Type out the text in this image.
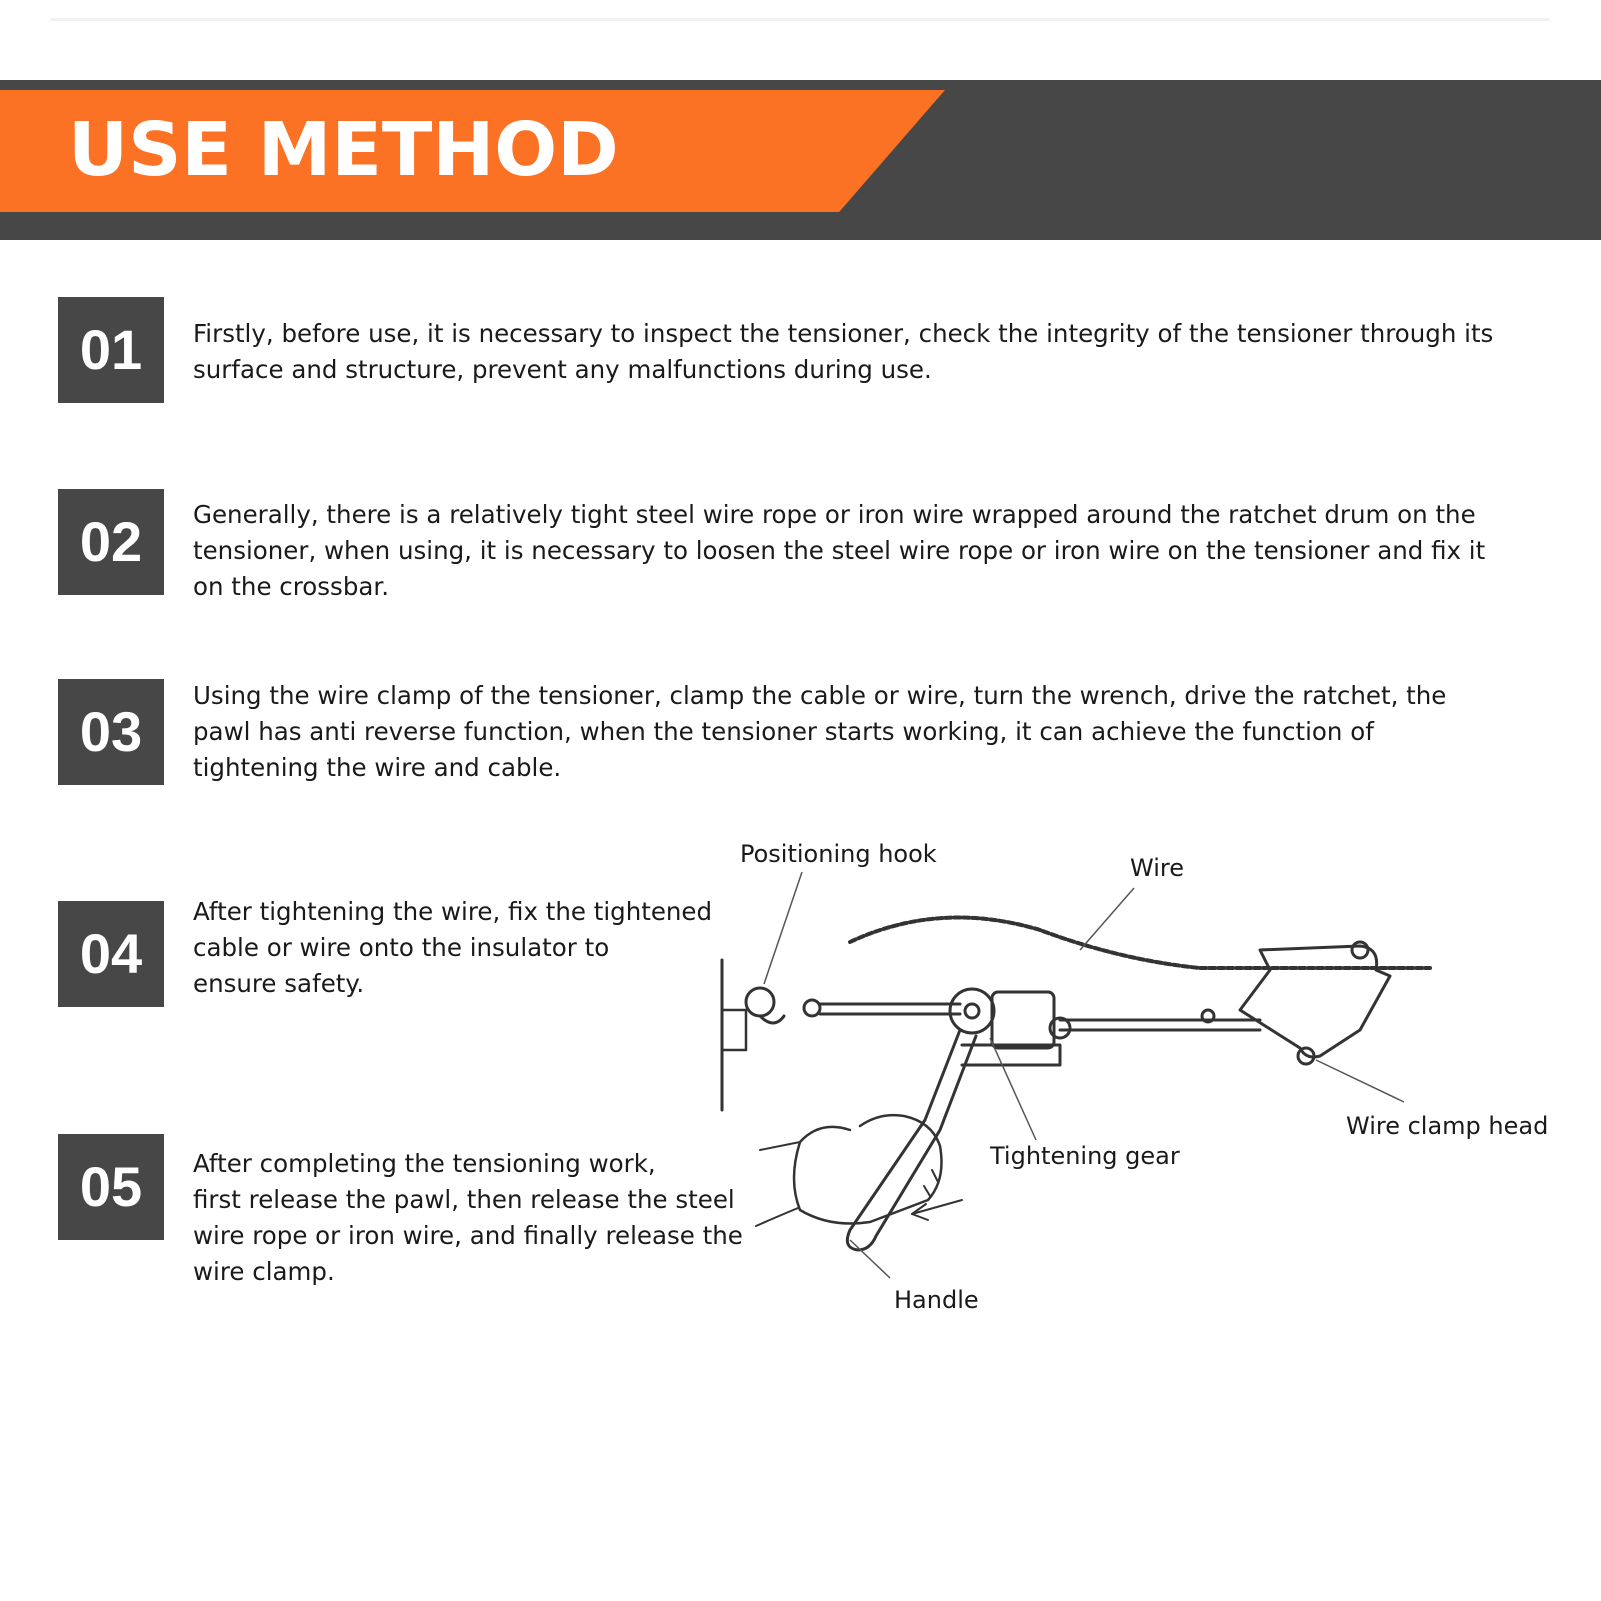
USE METHOD
01	Firstly, before use, it is necessary to inspect the tensioner, check the integrity of the tensioner through its
surface and structure, prevent any malfunctions during use.
02	Generally, there is a relatively tight steel wire rope or iron wire wrapped around the ratchet drum on the
tensioner, when using, it is necessary to loosen the steel wire rope or iron wire on the tensioner and fix it
on the crossbar.
03
Using the wire clamp of the tensioner, clamp the cable or wire, turn the wrench, drive the ratchet, the
pawl has anti reverse function, when the tensioner starts working, it can achieve the function of
tightening the wire and cable.
04
After tightening the wire, fix the tightened
cable or wire onto the insulator to
ensure safety.
05	After completing the tensioning work,
first release the pawl, then release the steel
wire rope or iron wire, and finally release the
wire clamp.
Positioning hook	Wire
Wire clamp head
Tightening gear
Handle
